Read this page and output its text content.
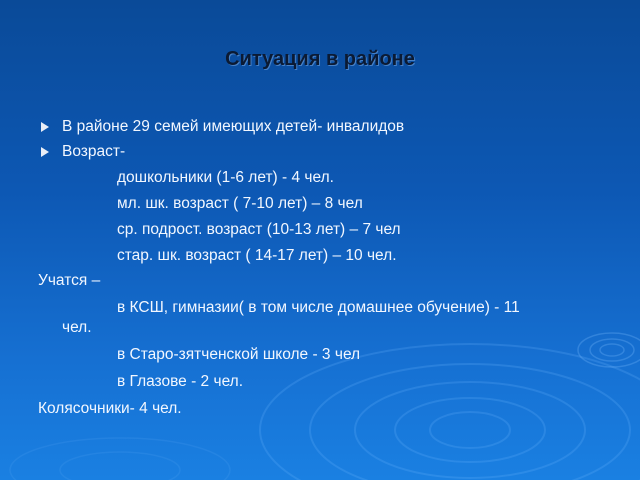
Ситуация в районе
В районе 29 семей имеющих детей- инвалидов
Возраст-
дошкольники (1-6 лет) - 4 чел.
мл. шк. возраст ( 7-10 лет) – 8 чел
ср. подрост. возраст (10-13 лет) – 7 чел
стар. шк. возраст ( 14-17 лет) – 10 чел.
Учатся –
в КСШ, гимназии( в том числе домашнее обучение) - 11
чел.
в Старо-зятченской школе - 3 чел
в Глазове - 2 чел.
Колясочники- 4 чел.
